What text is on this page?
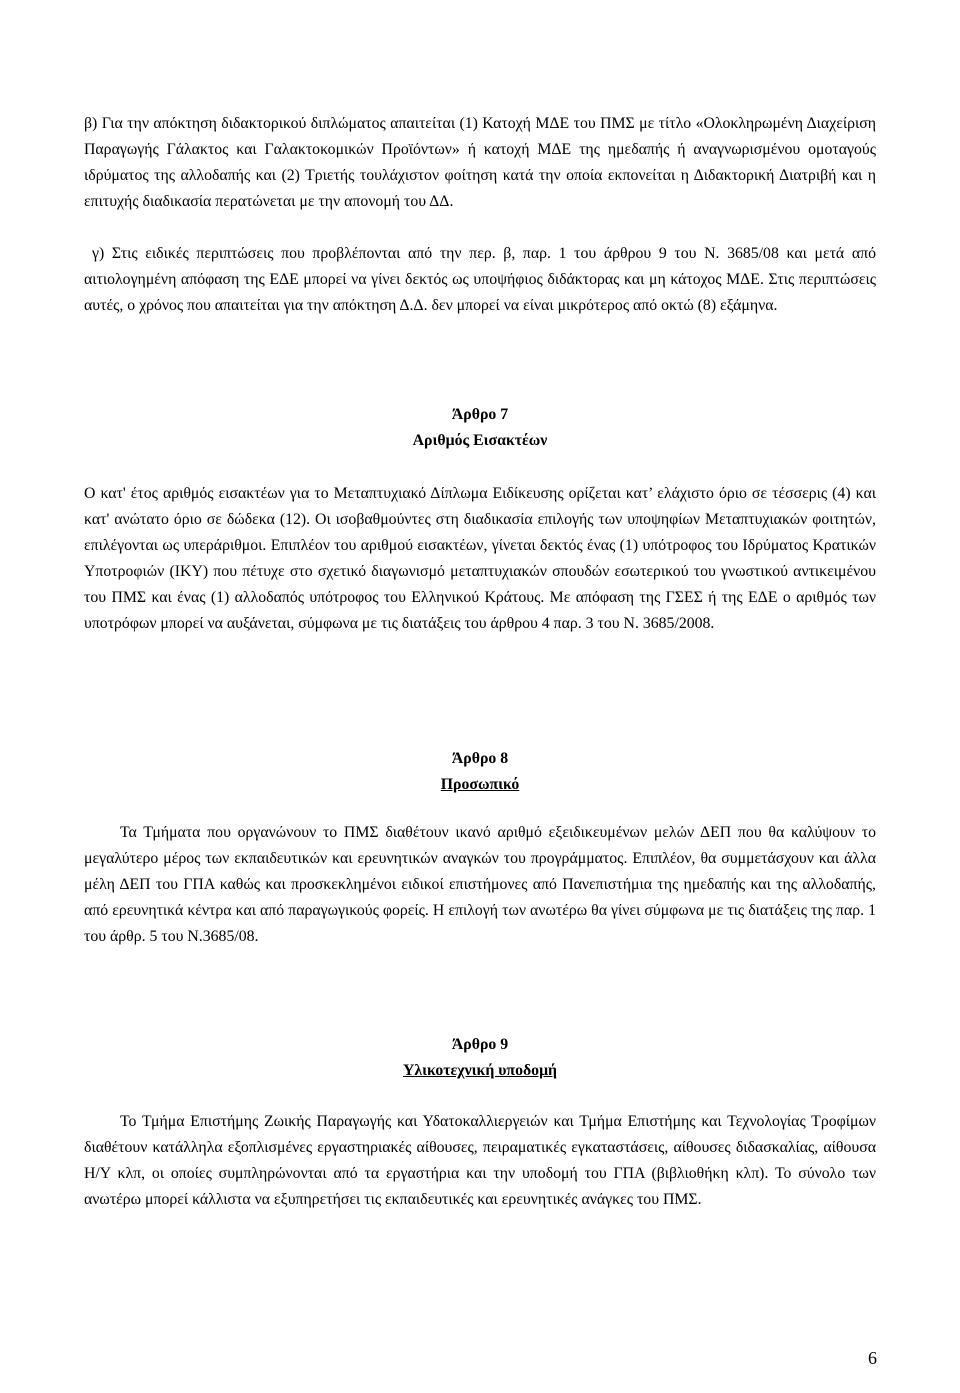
β) Για την απόκτηση διδακτορικού διπλώματος απαιτείται (1) Κατοχή ΜΔΕ του ΠΜΣ με τίτλο «Ολοκληρωμένη Διαχείριση Παραγωγής Γάλακτος και Γαλακτοκομικών Προϊόντων» ή κατοχή ΜΔΕ της ημεδαπής ή αναγνωρισμένου ομοταγούς ιδρύματος της αλλοδαπής και (2) Τριετής τουλάχιστον φοίτηση κατά την οποία εκπονείται η Διδακτορική Διατριβή και η επιτυχής διαδικασία περατώνεται με την απονομή του ΔΔ.

γ) Στις ειδικές περιπτώσεις που προβλέπονται από την περ. β, παρ. 1 του άρθρου 9 του Ν. 3685/08 και μετά από αιτιολογημένη απόφαση της ΕΔΕ μπορεί να γίνει δεκτός ως υποψήφιος διδάκτορας και μη κάτοχος ΜΔΕ. Στις περιπτώσεις αυτές, ο χρόνος που απαιτείται για την απόκτηση Δ.Δ. δεν μπορεί να είναι μικρότερος από οκτώ (8) εξάμηνα.

Άρθρο 7
Αριθμός Εισακτέων

Ο κατ' έτος αριθμός εισακτέων για το Μεταπτυχιακό Δίπλωμα Ειδίκευσης ορίζεται κατ’ ελάχιστο όριο σε τέσσερις (4) και κατ' ανώτατο όριο σε δώδεκα (12). Οι ισοβαθμούντες στη διαδικασία επιλογής των υποψηφίων Μεταπτυχιακών φοιτητών, επιλέγονται ως υπεράριθμοι. Επιπλέον του αριθμού εισακτέων, γίνεται δεκτός ένας (1) υπότροφος του Ιδρύματος Κρατικών Υποτροφιών (ΙΚΥ) που πέτυχε στο σχετικό διαγωνισμό μεταπτυχιακών σπουδών εσωτερικού του γνωστικού αντικειμένου του ΠΜΣ και ένας (1) αλλοδαπός υπότροφος του Ελληνικού Κράτους. Με απόφαση της ΓΣΕΣ ή της ΕΔΕ ο αριθμός των υποτρόφων μπορεί να αυξάνεται, σύμφωνα με τις διατάξεις του άρθρου 4 παρ. 3 του Ν. 3685/2008.

Άρθρο 8
Προσωπικό

Τα Τμήματα που οργανώνουν το ΠΜΣ διαθέτουν ικανό αριθμό εξειδικευμένων μελών ΔΕΠ που θα καλύψουν το μεγαλύτερο μέρος των εκπαιδευτικών και ερευνητικών αναγκών του προγράμματος. Επιπλέον, θα συμμετάσχουν και άλλα μέλη ΔΕΠ του ΓΠΑ καθώς και προσκεκλημένοι ειδικοί επιστήμονες από Πανεπιστήμια της ημεδαπής και της αλλοδαπής, από ερευνητικά κέντρα και από παραγωγικούς φορείς. Η επιλογή των ανωτέρω θα γίνει σύμφωνα με τις διατάξεις της παρ. 1 του άρθρ. 5 του Ν.3685/08.

Άρθρο 9
Υλικοτεχνική υποδομή

Το Τμήμα Επιστήμης Ζωικής Παραγωγής και Υδατοκαλλιεργειών και Τμήμα Επιστήμης και Τεχνολογίας Τροφίμων διαθέτουν κατάλληλα εξοπλισμένες εργαστηριακές αίθουσες, πειραματικές εγκαταστάσεις, αίθουσες διδασκαλίας, αίθουσα Η/Υ κλπ, οι οποίες συμπληρώνονται από τα εργαστήρια και την υποδομή του ΓΠΑ (βιβλιοθήκη κλπ). Το σύνολο των ανωτέρω μπορεί κάλλιστα να εξυπηρετήσει τις εκπαιδευτικές και ερευνητικές ανάγκες του ΠΜΣ.

6
